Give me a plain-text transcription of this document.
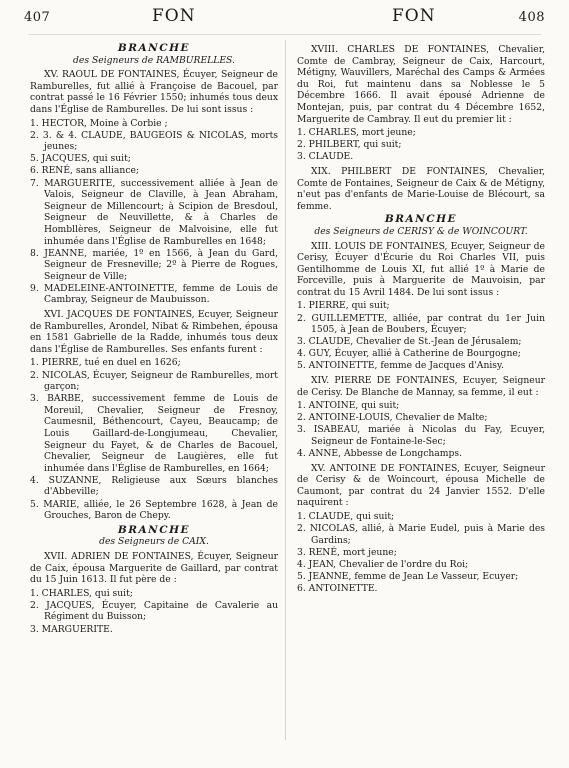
407	FON	FON	408
BRANCHE
des Seigneurs de RAMBURELLES.

XV. RAOUL DE FONTAINES, Écuyer, Seigneur de Ramburelles, fut allié à Françoise de Bacouel, par contrat passé le 16 Février 1550; inhumés tous deux dans l'Église de Ramburelles. De lui sont issus :

1. HECTOR, Moine à Corbie ;
2. 3. & 4. CLAUDE, BAUGEOIS & NICOLAS, morts jeunes;
5. JACQUES, qui suit;
6. RENÉ, sans alliance;
7. MARGUERITE, successivement alliée à Jean de Valois, Seigneur de Claville, à Jean Abraham, Seigneur de Millencourt; à Scipion de Bresdoul, Seigneur de Neuvillette, & à Charles de Hombllères, Seigneur de Malvoisine, elle fut inhumée dans l'Église de Ramburelles en 1648;
8. JEANNE, mariée, 1º en 1566, à Jean du Gard, Seigneur de Fresneville; 2º à Pierre de Rogues, Seigneur de Ville;
9. MADELEINE-ANTOINETTE, femme de Louis de Cambray, Seigneur de Maubuisson.

XVI. JACQUES DE FONTAINES, Ecuyer, Seigneur de Ramburelles, Arondel, Nibat & Rimbehen, épousa en 1581 Gabrielle de la Radde, inhumés tous deux dans l'Église de Ramburelles. Ses enfants furent :

1. PIERRE, tué en duel en 1626;
2. NICOLAS, Écuyer, Seigneur de Ramburelles, mort garçon;
3. BARBE, successivement femme de Louis de Moreuil, Chevalier, Seigneur de Fresnoy, Caumesnil, Béthencourt, Cayeu, Beaucamp; de Louis Gaillard-de-Longjumeau, Chevalier, Seigneur du Fayet, & de Charles de Bacouel, Chevalier, Seigneur de Laugières, elle fut inhumée dans l'Église de Ramburelles, en 1664;
4. SUZANNE, Religieuse aux Sœurs blanches d'Abbeville;
5. MARIE, alliée, le 26 Septembre 1628, à Jean de Grouches, Baron de Chepy.
BRANCHE
des Seigneurs de CAIX.

XVII. ADRIEN DE FONTAINES, Écuyer, Seigneur de Caix, épousa Marguerite de Gaillard, par contrat du 15 Juin 1613. Il fut père de :

1. CHARLES, qui suit;
2. JACQUES, Écuyer, Capitaine de Cavalerie au Régiment du Buisson;
3. MARGUERITE.

XVIII. CHARLES DE FONTAINES, Chevalier, Comte de Cambray, Seigneur de Caix, Harcourt, Métigny, Wauvillers, Maréchal des Camps & Armées du Roi, fut maintenu dans sa Noblesse le 5 Décembre 1666. Il avait épousé Adrienne de Montejan, puis, par contrat du 4 Décembre 1652, Marguerite de Cambray. Il eut du premier lit :

1. CHARLES, mort jeune;
2. PHILBERT, qui suit;
3. CLAUDE.

XIX. PHILBERT DE FONTAINES, Chevalier, Comte de Fontaines, Seigneur de Caix & de Métigny, n'eut pas d'enfants de Marie-Louise de Blécourt, sa femme.

BRANCHE
des Seigneurs de CERISY & de WOINCOURT.

XIII. LOUIS DE FONTAINES, Ecuyer, Seigneur de Cerisy, Écuyer d'Écurie du Roi Charles VII, puis Gentilhomme de Louis XI, fut allié 1º à Marie de Forceville, puis à Marguerite de Mauvoisin, par contrat du 15 Avril 1484. De lui sont issus :

1. PIERRE, qui suit;
2. GUILLEMETTE, alliée, par contrat du 1er Juin 1505, à Jean de Boubers, Écuyer;
3. CLAUDE, Chevalier de St.-Jean de Jérusalem;
4. GUY, Écuyer, allié à Catherine de Bourgogne;
5. ANTOINETTE, femme de Jacques d'Anisy.

XIV. PIERRE DE FONTAINES, Ecuyer, Seigneur de Cerisy. De Blanche de Mannay, sa femme, il eut :

1. ANTOINE, qui suit;
2. ANTOINE-LOUIS, Chevalier de Malte;
3. ISABEAU, mariée à Nicolas du Fay, Ecuyer, Seigneur de Fontaine-le-Sec;
4. ANNE, Abbesse de Longchamps.

XV. ANTOINE DE FONTAINES, Ecuyer, Seigneur de Cerisy & de Woincourt, épousa Michelle de Caumont, par contrat du 24 Janvier 1552. D'elle naquirent :

1. CLAUDE, qui suit;
2. NICOLAS, allié, à Marie Eudel, puis à Marie des Gardins;
3. RENÉ, mort jeune;
4. JEAN, Chevalier de l'ordre du Roi;
5. JEANNE, femme de Jean Le Vasseur, Ecuyer;
6. ANTOINETTE.
